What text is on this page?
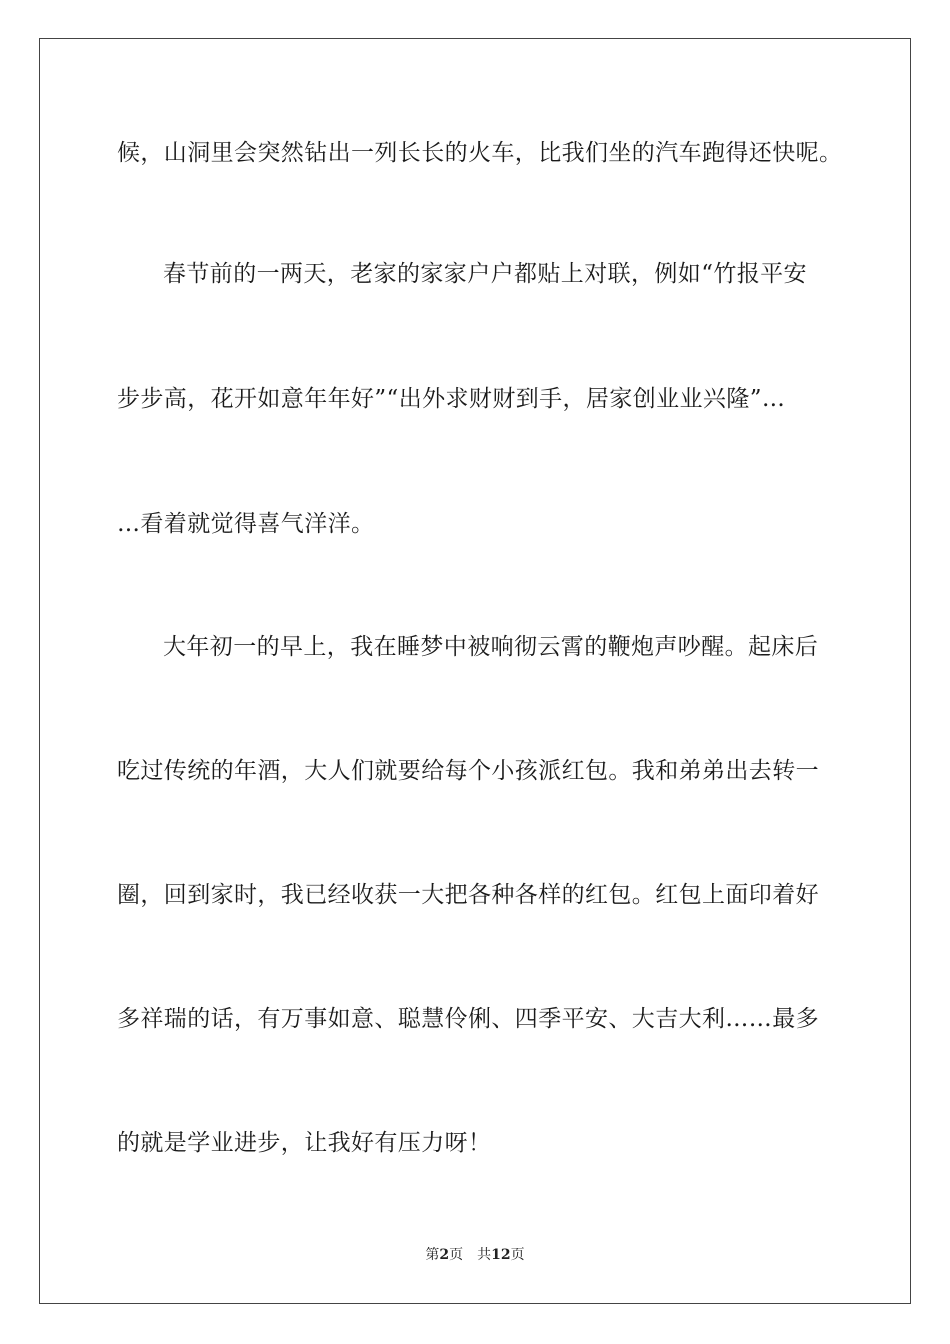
候，山洞里会突然钻出一列长长的火车，比我们坐的汽车跑得还快呢。
春节前的一两天，老家的家家户户都贴上对联，例如“竹报平安
步步高，花开如意年年好”“出外求财财到手，居家创业业兴隆”…
…看着就觉得喜气洋洋。
大年初一的早上，我在睡梦中被响彻云霄的鞭炮声吵醒。起床后
吃过传统的年酒，大人们就要给每个小孩派红包。我和弟弟出去转一
圈，回到家时，我已经收获一大把各种各样的红包。红包上面印着好
多祥瑞的话，有万事如意、聪慧伶俐、四季平安、大吉大利……最多
的就是学业进步，让我好有压力呀！
第2页 共12页
